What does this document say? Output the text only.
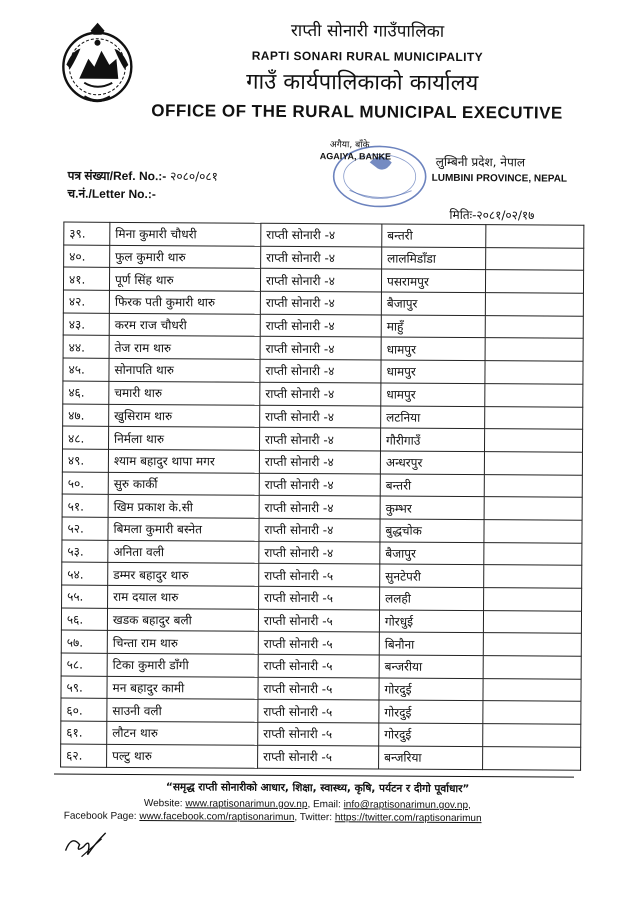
राप्ती सोनारी गाउँपालिका
RAPTI SONARI RURAL MUNICIPALITY
गाउँ कार्यपालिकाको कार्यालय
OFFICE OF THE RURAL MUNICIPAL EXECUTIVE
अगैया, बाँके
AGAIYA, BANKE	लुम्बिनी प्रदेश, नेपाल
LUMBINI PROVINCE, NEPAL
पत्र संख्या/Ref. No.:- २०८०/०८१
च.नं./Letter No.:-
मितिः-२०८१/०२/१७
३९.	मिना कुमारी चौधरी	राप्ती सोनारी -४	बन्तरी	
४०.	फुल कुमारी थारु	राप्ती सोनारी -४	लालमिडाँडा	
४१.	पूर्ण सिंह थारु	राप्ती सोनारी -४	पसरामपुर	
४२.	फिरक पती कुमारी थारु	राप्ती सोनारी -४	बैजापुर	
४३.	करम राज चौधरी	राप्ती सोनारी -४	माहुँ	
४४.	तेज राम थारु	राप्ती सोनारी -४	धामपुर	
४५.	सोनापति थारु	राप्ती सोनारी -४	धामपुर	
४६.	चमारी थारु	राप्ती सोनारी -४	धामपुर	
४७.	खुसिराम थारु	राप्ती सोनारी -४	लटनिया	
४८.	निर्मला थारु	राप्ती सोनारी -४	गौरीगाउँ	
४९.	श्याम बहादुर थापा मगर	राप्ती सोनारी -४	अन्धरपुर	
५०.	सुरु कार्की	राप्ती सोनारी -४	बन्तरी	
५१.	खिम प्रकाश के.सी	राप्ती सोनारी -४	कुम्भर	
५२.	बिमला कुमारी बस्नेत	राप्ती सोनारी -४	बुद्धचोक	
५३.	अनिता वली	राप्ती सोनारी -४	बैजापुर	
५४.	डम्मर बहादुर थारु	राप्ती सोनारी -५	सुनटेपरी	
५५.	राम दयाल थारु	राप्ती सोनारी -५	ललही	
५६.	खडक बहादुर बली	राप्ती सोनारी -५	गोरधुई	
५७.	चिन्ता राम थारु	राप्ती सोनारी -५	बिनौना	
५८.	टिका कुमारी डाँगी	राप्ती सोनारी -५	बन्जरीया	
५९.	मन बहादुर कामी	राप्ती सोनारी -५	गोरदुई	
६०.	साउनी वली	राप्ती सोनारी -५	गोरदुई	
६१.	लौटन थारु	राप्ती सोनारी -५	गोरदुई	
६२.	पल्टु थारु	राप्ती सोनारी -५	बन्जरिया	
“समृद्ध राप्ती सोनारीको आधार, शिक्षा, स्वास्थ्य, कृषि, पर्यटन र दीगो पूर्वाधार”
Website: www.raptisonarimun.gov.np, Email: info@raptisonarimun.gov.np,
Facebook Page: www.facebook.com/raptisonarimun, Twitter: https://twitter.com/raptisonarimun
